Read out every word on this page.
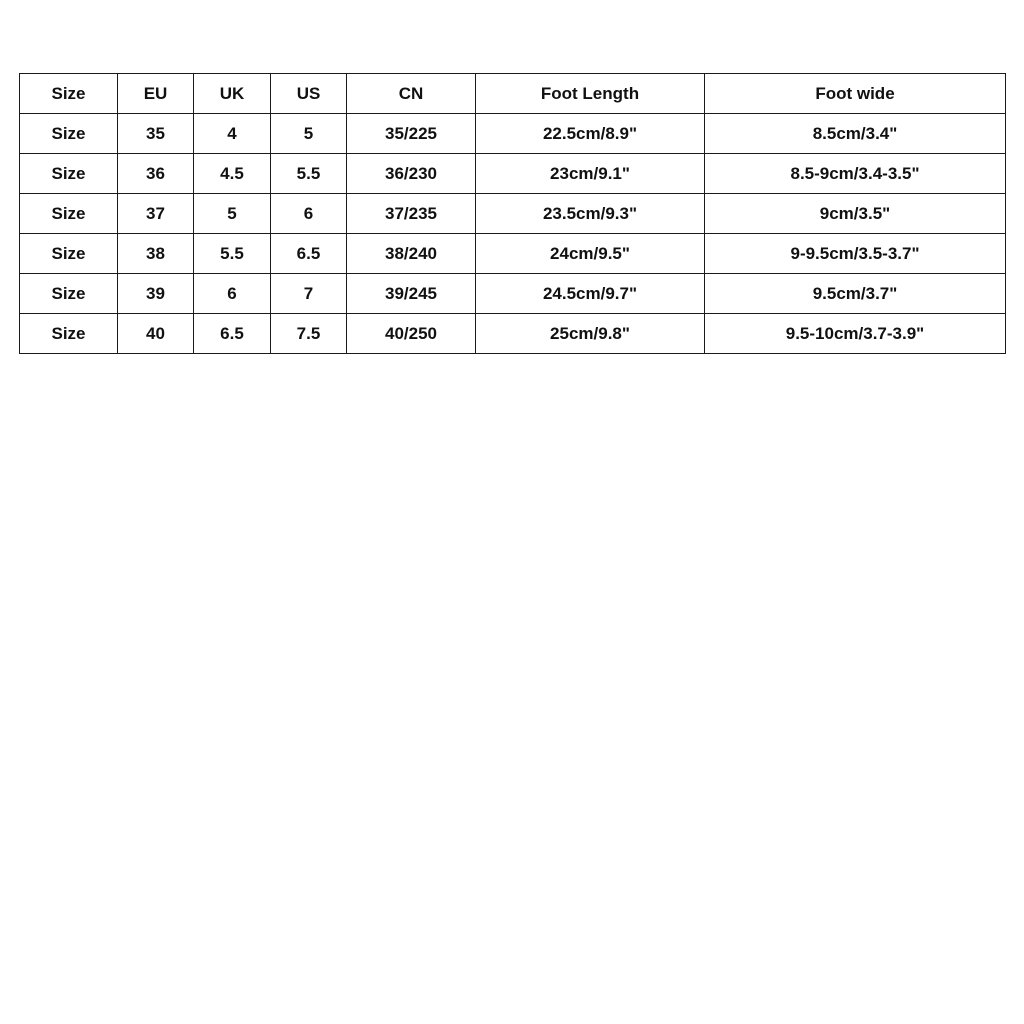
Size	EU	UK	US	CN	Foot Length	Foot wide
Size	35	4	5	35/225	22.5cm/8.9"	8.5cm/3.4"
Size	36	4.5	5.5	36/230	23cm/9.1"	8.5-9cm/3.4-3.5"
Size	37	5	6	37/235	23.5cm/9.3"	9cm/3.5"
Size	38	5.5	6.5	38/240	24cm/9.5"	9-9.5cm/3.5-3.7"
Size	39	6	7	39/245	24.5cm/9.7"	9.5cm/3.7"
Size	40	6.5	7.5	40/250	25cm/9.8"	9.5-10cm/3.7-3.9"
